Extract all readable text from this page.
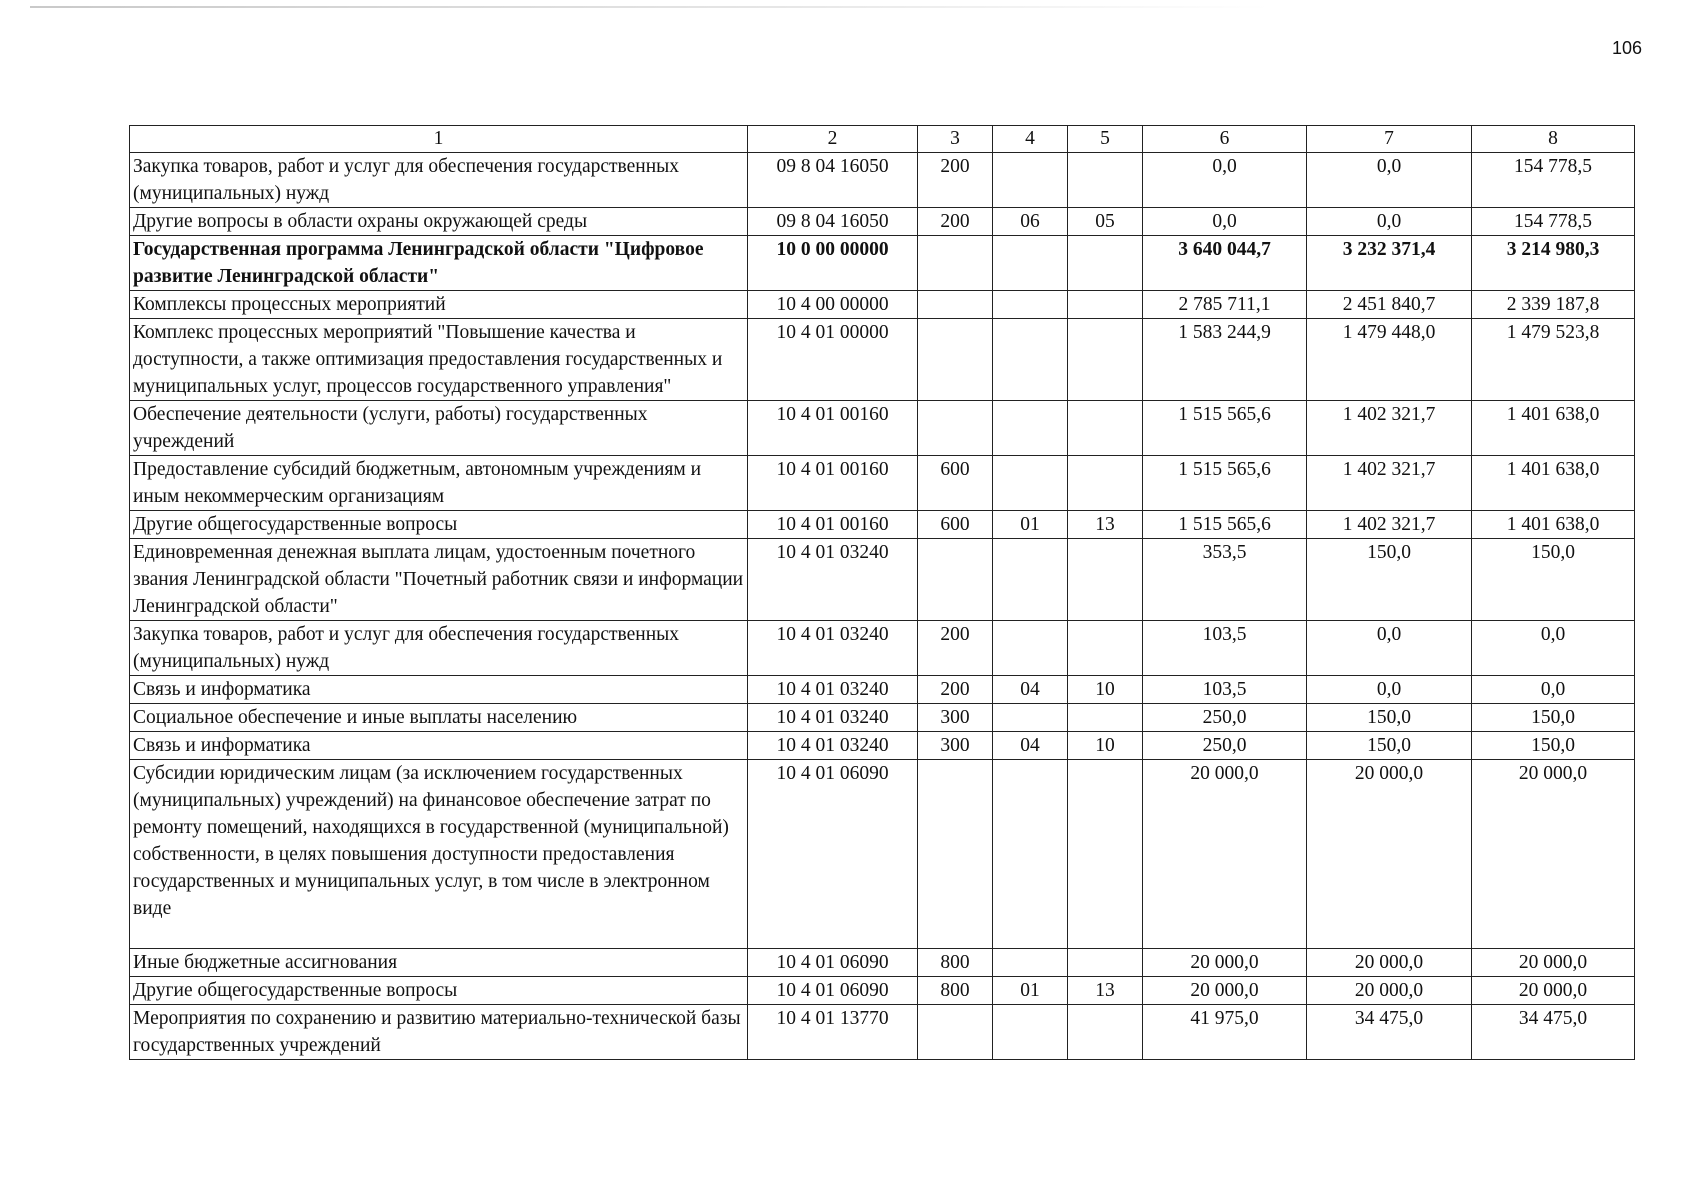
106
1	2	3	4	5	6	7	8
Закупка товаров, работ и услуг для обеспечения государственных (муниципальных) нужд	09 8 04 16050	200			0,0	0,0	154 778,5
Другие вопросы в области охраны окружающей среды	09 8 04 16050	200	06	05	0,0	0,0	154 778,5
Государственная программа Ленинградской области "Цифровое развитие Ленинградской области"	10 0 00 00000				3 640 044,7	3 232 371,4	3 214 980,3
Комплексы процессных мероприятий	10 4 00 00000				2 785 711,1	2 451 840,7	2 339 187,8
Комплекс процессных мероприятий "Повышение качества и доступности, а также оптимизация предоставления государственных и муниципальных услуг, процессов государственного управления"	10 4 01 00000				1 583 244,9	1 479 448,0	1 479 523,8
Обеспечение деятельности (услуги, работы) государственных учреждений	10 4 01 00160				1 515 565,6	1 402 321,7	1 401 638,0
Предоставление субсидий бюджетным, автономным учреждениям и иным некоммерческим организациям	10 4 01 00160	600			1 515 565,6	1 402 321,7	1 401 638,0
Другие общегосударственные вопросы	10 4 01 00160	600	01	13	1 515 565,6	1 402 321,7	1 401 638,0
Единовременная денежная выплата лицам, удостоенным почетного звания Ленинградской области "Почетный работник связи и информации Ленинградской области"	10 4 01 03240				353,5	150,0	150,0
Закупка товаров, работ и услуг для обеспечения государственных (муниципальных) нужд	10 4 01 03240	200			103,5	0,0	0,0
Связь и информатика	10 4 01 03240	200	04	10	103,5	0,0	0,0
Социальное обеспечение и иные выплаты населению	10 4 01 03240	300			250,0	150,0	150,0
Связь и информатика	10 4 01 03240	300	04	10	250,0	150,0	150,0
Субсидии юридическим лицам (за исключением государственных (муниципальных) учреждений) на финансовое обеспечение затрат по ремонту помещений, находящихся в государственной (муниципальной) собственности, в целях повышения доступности предоставления государственных и муниципальных услуг, в том числе в электронном виде	10 4 01 06090				20 000,0	20 000,0	20 000,0
Иные бюджетные ассигнования	10 4 01 06090	800			20 000,0	20 000,0	20 000,0
Другие общегосударственные вопросы	10 4 01 06090	800	01	13	20 000,0	20 000,0	20 000,0
Мероприятия по сохранению и развитию материально-технической базы государственных учреждений	10 4 01 13770				41 975,0	34 475,0	34 475,0
